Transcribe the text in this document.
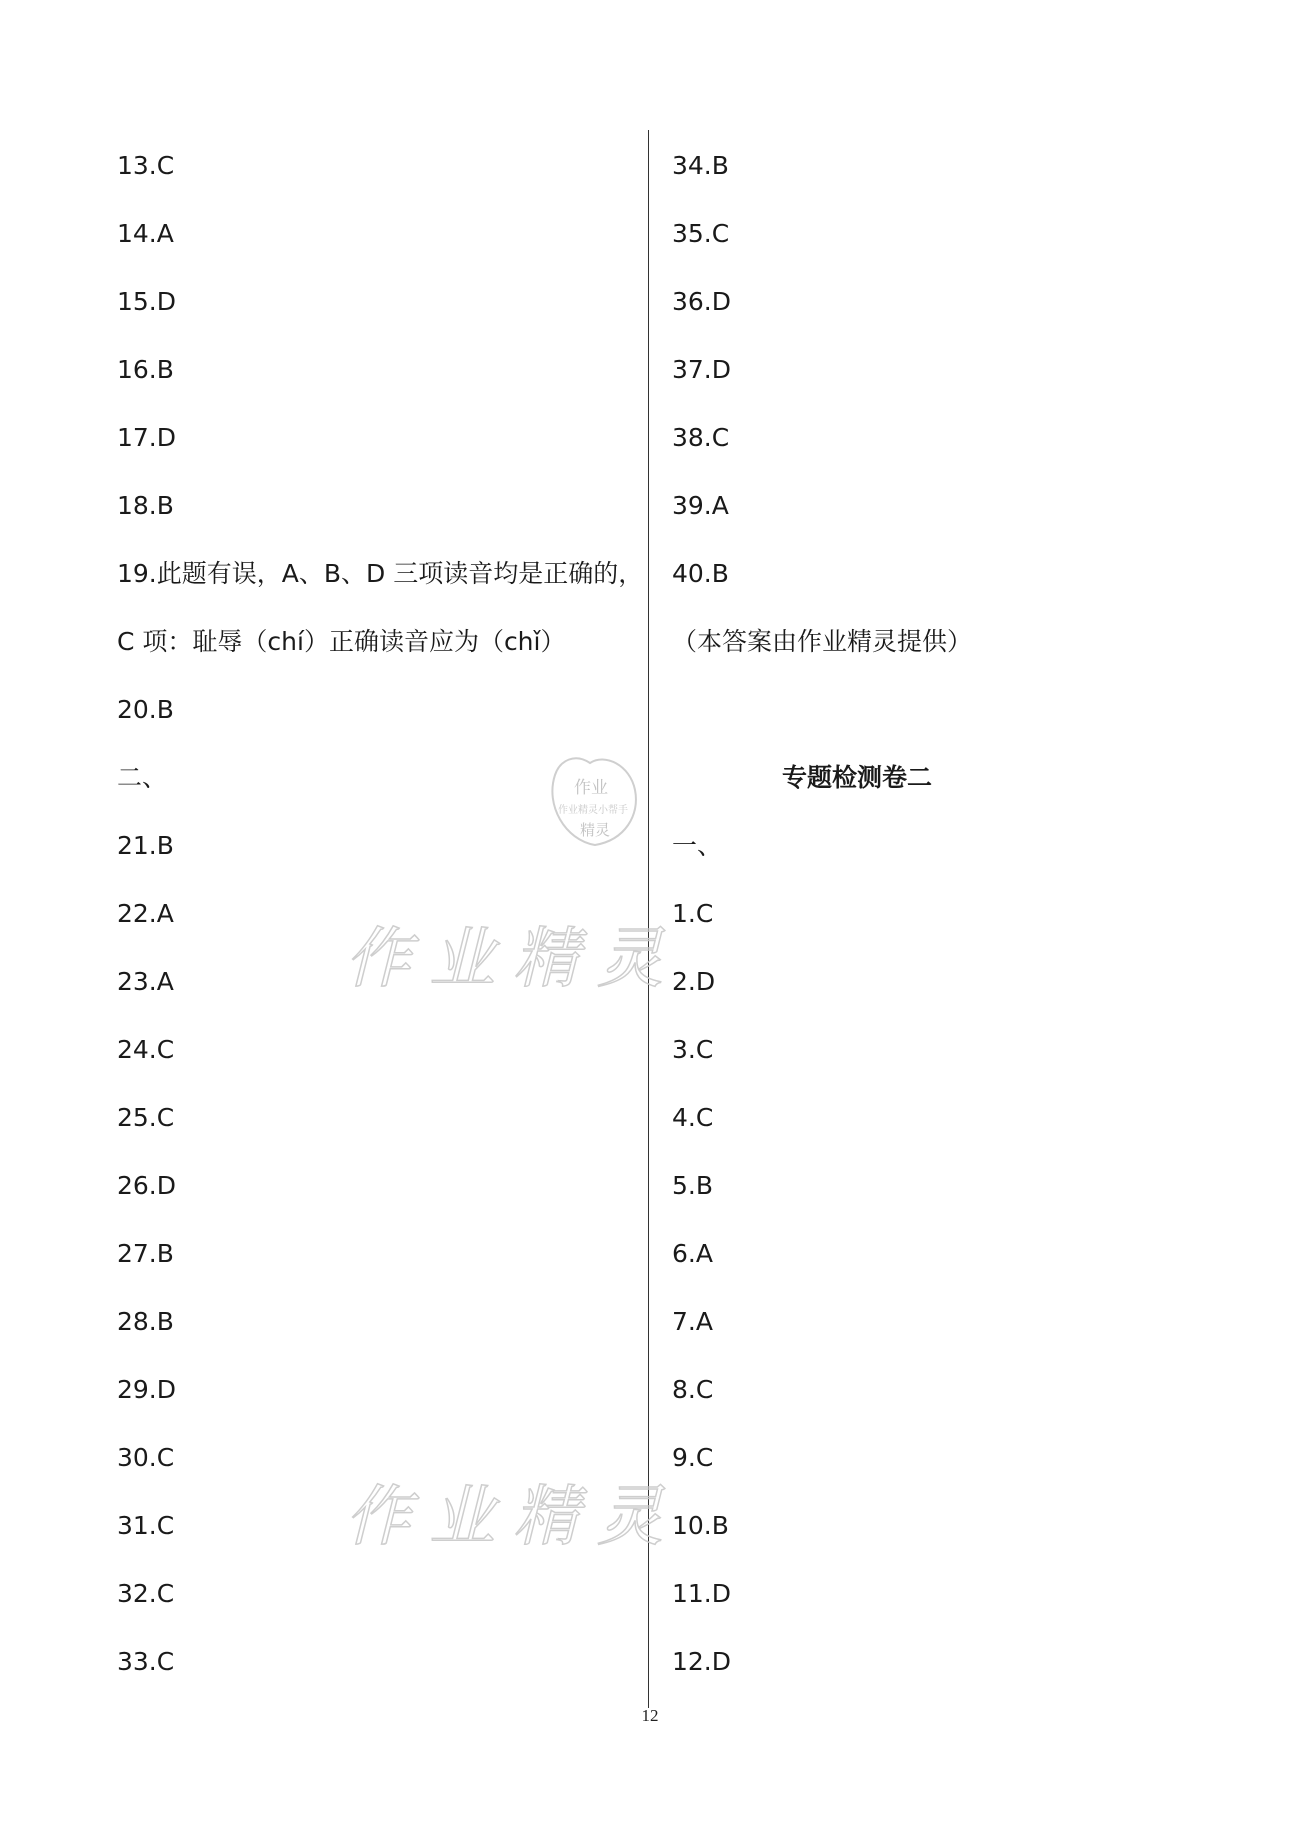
13.C
14.A
15.D
16.B
17.D
18.B
19.此题有误，A、B、D 三项读音均是正确的，
C 项：耻辱（chí）正确读音应为（chǐ）
20.B
二、
21.B
22.A
23.A
24.C
25.C
26.D
27.B
28.B
29.D
30.C
31.C
32.C
33.C
34.B
35.C
36.D
37.D
38.C
39.A
40.B
（本答案由作业精灵提供）
专题检测卷二
一、
1.C
2.D
3.C
4.C
5.B
6.A
7.A
8.C
9.C
10.B
11.D
12.D
作业精灵
作业精灵
作业
作业精灵小帮手
精灵
12
